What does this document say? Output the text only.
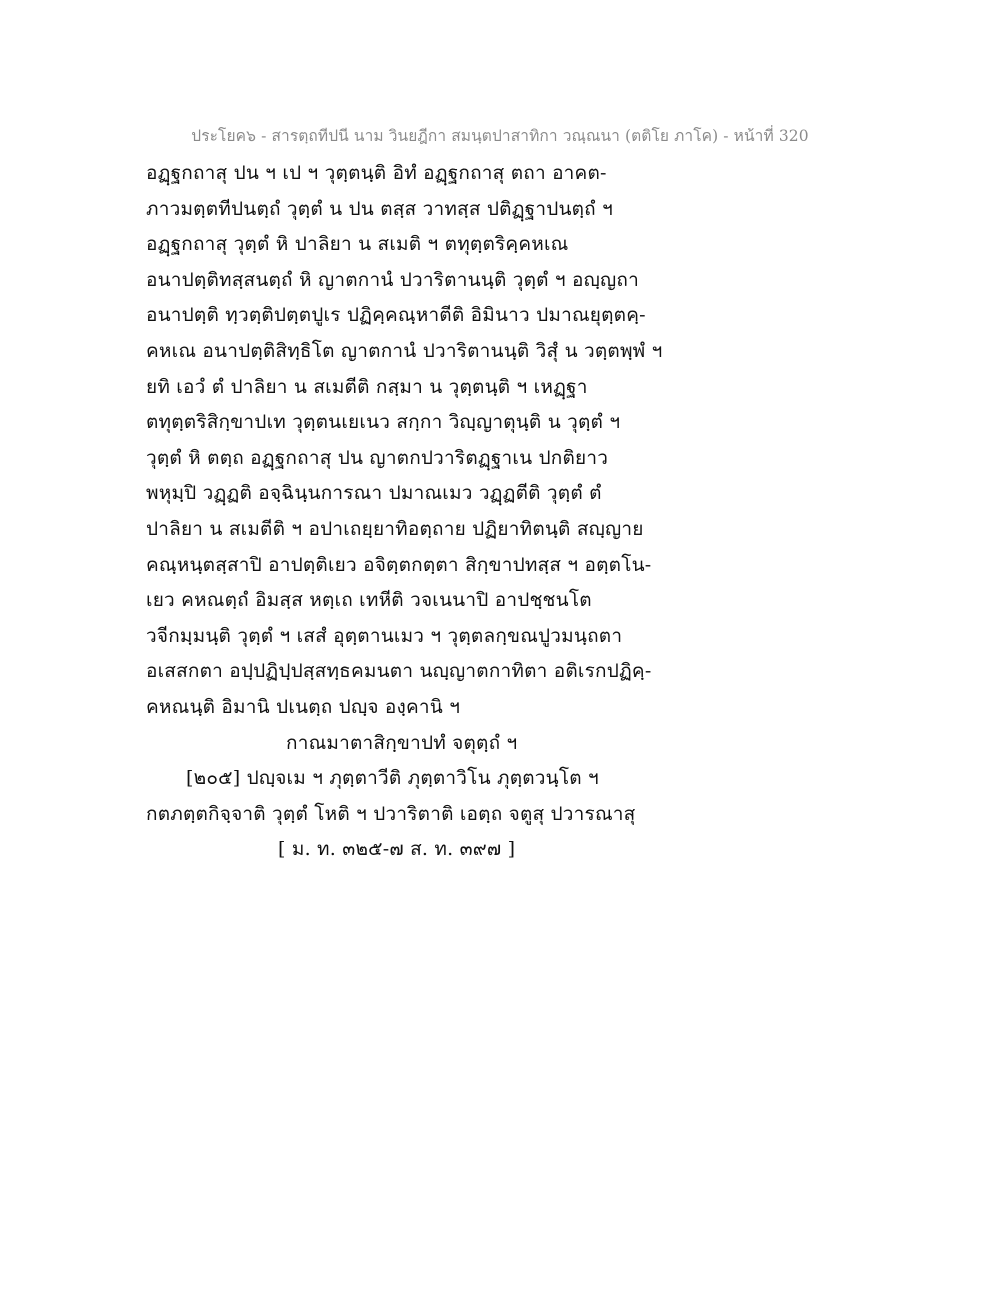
ประโยค๖ - สารตฺถทีปนี นาม วินยฎีกา สมนฺตปาสาทิกา วณฺณนา (ตติโย ภาโค) - หน้าที่ 320
อฏฺฐกถาสุ ปน ฯ เป ฯ วุตฺตนฺติ อิทํ อฏฺฐกถาสุ ตถา อาคต-
ภาวมตฺตทีปนตฺถํ วุตฺตํ น ปน ตสฺส วาทสฺส ปติฏฺฐาปนตฺถํ ฯ
อฏฺฐกถาสุ วุตฺตํ หิ ปาลิยา น สเมติ ฯ ตทุตฺตริคฺคหเณ
อนาปตฺติทสฺสนตฺถํ หิ ญาตกานํ ปวาริตานนฺติ วุตฺตํ ฯ อญฺญถา
อนาปตฺติ ทฺวตฺติปตฺตปูเร ปฏิคฺคณฺหาตีติ อิมินาว ปมาณยุตฺตคฺ-
คหเณ อนาปตฺติสิทฺธิโต ญาตกานํ ปวาริตานนฺติ วิสุํ น วตฺตพฺพํ ฯ
ยทิ เอวํ ตํ ปาลิยา น สเมตีติ กสฺมา น วุตฺตนฺติ ฯ เหฏฺฐา
ตทุตฺตริสิกฺขาปเท วุตฺตนเยเนว สกฺกา วิญฺญาตุนฺติ น วุตฺตํ ฯ
วุตฺตํ หิ ตตฺถ อฏฺฐกถาสุ ปน ญาตกปวาริตฏฺฐาเน ปกติยาว
พหุมฺปิ วฏฺฏติ อจฺฉินฺนการณา ปมาณเมว วฏฺฏตีติ วุตฺตํ ตํ
ปาลิยา น สเมตีติ ฯ อปาเถยฺยาทิอตฺถาย ปฏิยาทิตนฺติ สญฺญาย
คณฺหนฺตสฺสาปิ อาปตฺติเยว อจิตฺตกตฺตา สิกฺขาปทสฺส ฯ อตฺตโน-
เยว คหณตฺถํ อิมสฺส หตฺเถ เทหีติ วจเนนาปิ อาปชฺชนโต
วจีกมฺมนฺติ วุตฺตํ ฯ เสสํ อุตฺตานเมว ฯ วุตฺตลกฺขณปูวมนฺถตา
อเสสกตา อปฺปฏิปฺปสฺสทฺธคมนตา นญฺญาตกาทิตา อติเรกปฏิคฺ-
คหณนฺติ อิมานิ ปเนตฺถ ปญฺจ องฺคานิ ฯ
กาณมาตาสิกฺขาปทํ จตุตฺถํ ฯ
[๒๐๕] ปญฺจเม ฯ ภุตฺตาวีติ ภุตฺตาวิโน ภุตฺตวนฺโต ฯ
กตภตฺตกิจฺจาติ วุตฺตํ โหติ ฯ ปวาริตาติ เอตฺถ จตูสุ ปวารณาสุ
[ ม. ท. ๓๒๕-๗ ส. ท. ๓๙๗ ]
